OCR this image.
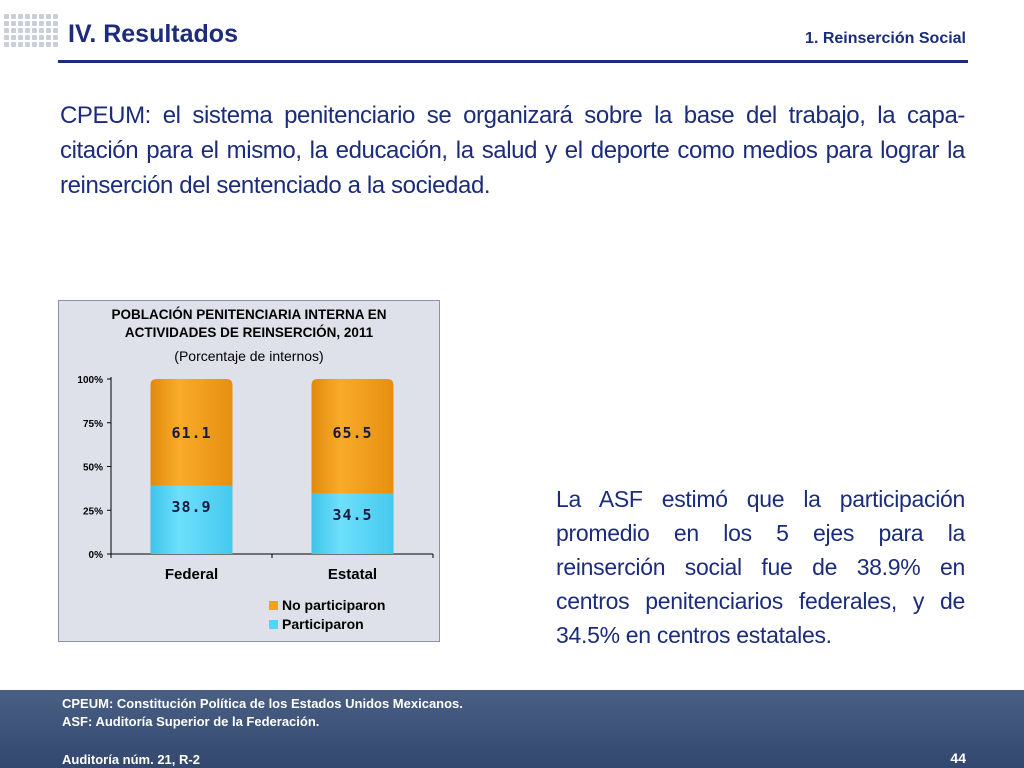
IV. Resultados	1. Reinserción Social
CPEUM: el sistema penitenciario se organizará sobre la base del trabajo, la capa-citación para el mismo, la educación, la salud y el deporte como medios para lograr la reinserción del sentenciado a la sociedad.
POBLACIÓN PENITENCIARIA INTERNA EN
ACTIVIDADES DE REINSERCIÓN, 2011
(Porcentaje de internos)
0%
25%
50%
75%
100%
38.9
61.1
Federal
34.5
65.5
Estatal
No participaron
Participaron
La ASF estimó que la participación promedio en los 5 ejes para la reinserción social fue de 38.9% en centros penitenciarios federales, y de 34.5% en centros estatales.
CPEUM: Constitución Política de los Estados Unidos Mexicanos.
ASF: Auditoría Superior de la Federación.
Auditoría núm. 21, R-2	44
